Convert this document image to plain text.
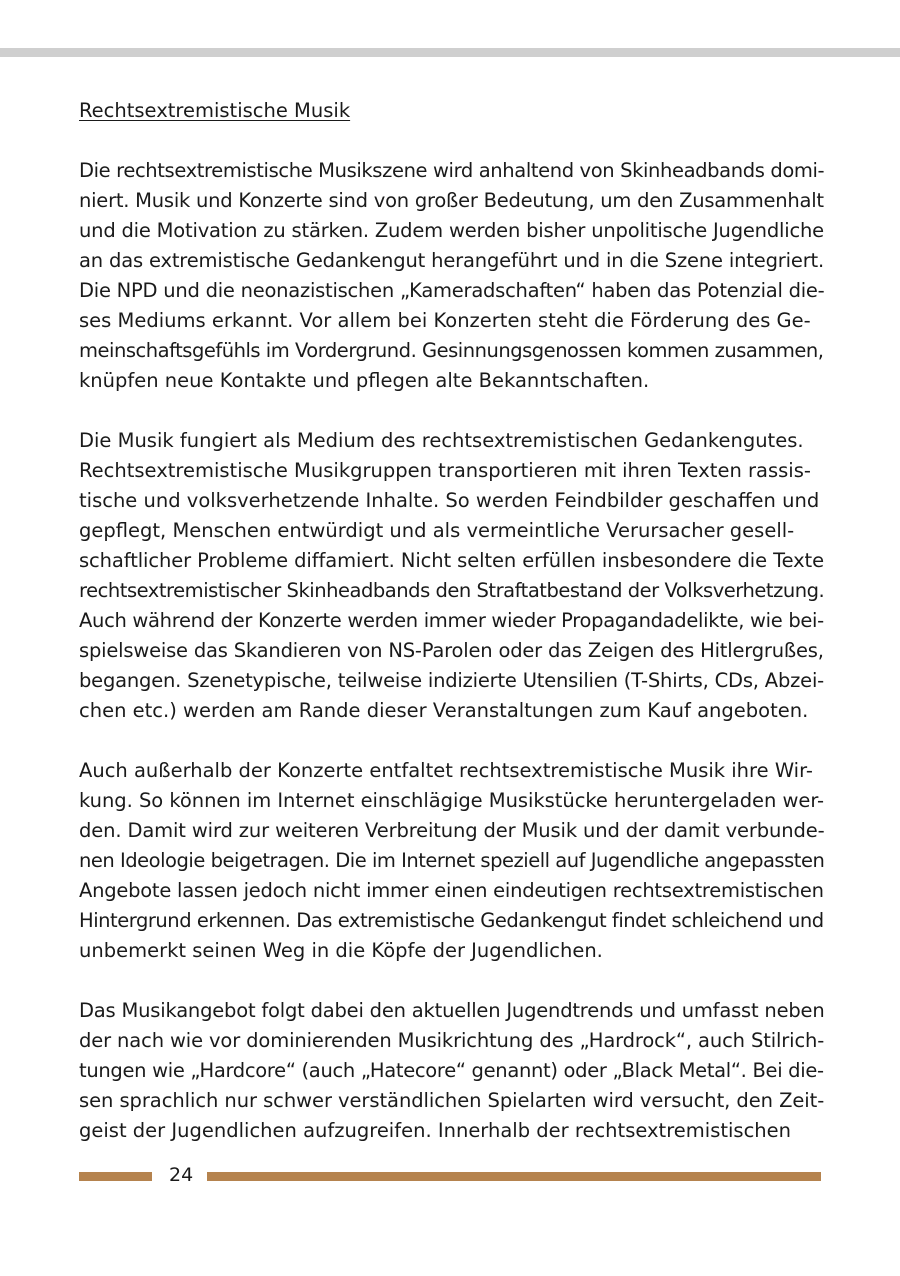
Rechtsextremistische Musik
Die rechtsextremistische Musikszene wird anhaltend von Skinheadbands domi-
niert. Musik und Konzerte sind von großer Bedeutung, um den Zusammenhalt
und die Motivation zu stärken. Zudem werden bisher unpolitische Jugendliche
an das extremistische Gedankengut herangeführt und in die Szene integriert.
Die NPD und die neonazistischen „Kameradschaften“ haben das Potenzial die-
ses Mediums erkannt. Vor allem bei Konzerten steht die Förderung des Ge-
meinschaftsgefühls im Vordergrund. Gesinnungsgenossen kommen zusammen,
knüpfen neue Kontakte und pflegen alte Bekanntschaften.
Die Musik fungiert als Medium des rechtsextremistischen Gedankengutes.
Rechtsextremistische Musikgruppen transportieren mit ihren Texten rassis-
tische und volksverhetzende Inhalte. So werden Feindbilder geschaffen und
gepflegt, Menschen entwürdigt und als vermeintliche Verursacher gesell-
schaftlicher Probleme diffamiert. Nicht selten erfüllen insbesondere die Texte
rechtsextremistischer Skinheadbands den Straftatbestand der Volksverhetzung.
Auch während der Konzerte werden immer wieder Propagandadelikte, wie bei-
spielsweise das Skandieren von NS-Parolen oder das Zeigen des Hitlergrußes,
begangen. Szenetypische, teilweise indizierte Utensilien (T-Shirts, CDs, Abzei-
chen etc.) werden am Rande dieser Veranstaltungen zum Kauf angeboten.
Auch außerhalb der Konzerte entfaltet rechtsextremistische Musik ihre Wir-
kung. So können im Internet einschlägige Musikstücke heruntergeladen wer-
den. Damit wird zur weiteren Verbreitung der Musik und der damit verbunde-
nen Ideologie beigetragen. Die im Internet speziell auf Jugendliche angepassten
Angebote lassen jedoch nicht immer einen eindeutigen rechtsextremistischen
Hintergrund erkennen. Das extremistische Gedankengut findet schleichend und
unbemerkt seinen Weg in die Köpfe der Jugendlichen.
Das Musikangebot folgt dabei den aktuellen Jugendtrends und umfasst neben
der nach wie vor dominierenden Musikrichtung des „Hardrock“, auch Stilrich-
tungen wie „Hardcore“ (auch „Hatecore“ genannt) oder „Black Metal“. Bei die-
sen sprachlich nur schwer verständlichen Spielarten wird versucht, den Zeit-
geist der Jugendlichen aufzugreifen. Innerhalb der rechtsextremistischen
24
